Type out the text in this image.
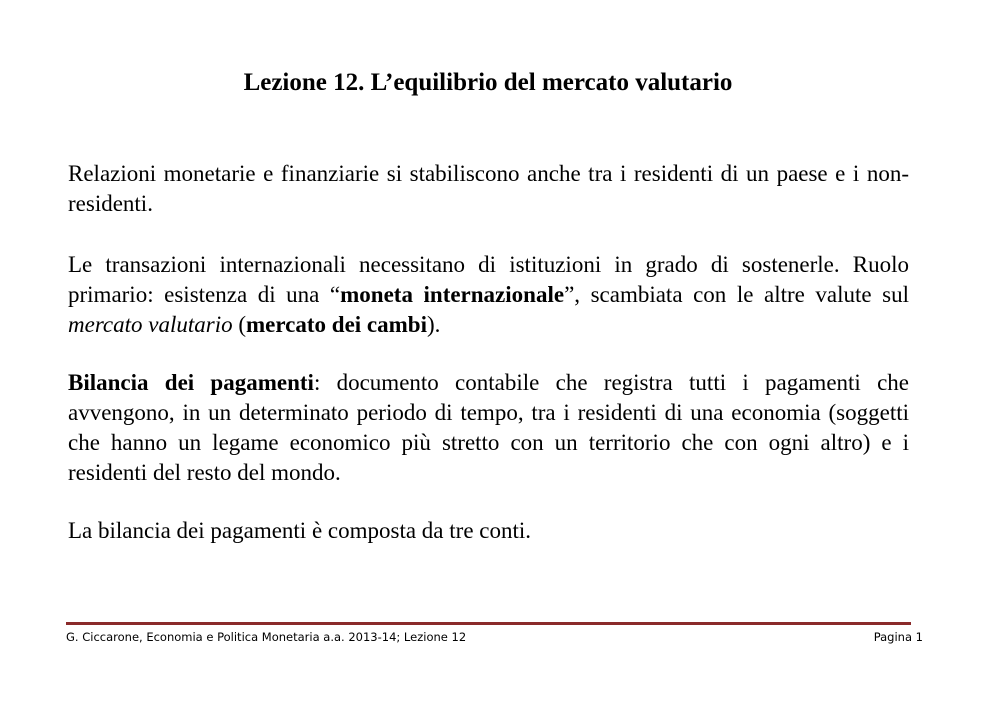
Lezione 12. L’equilibrio del mercato valutario

Relazioni monetarie e finanziarie si stabiliscono anche tra i residenti di un paese e i non-residenti.

Le transazioni internazionali necessitano di istituzioni in grado di sostenerle. Ruolo primario: esistenza di una “moneta internazionale”, scambiata con le altre valute sul mercato valutario (mercato dei cambi).

Bilancia dei pagamenti: documento contabile che registra tutti i pagamenti che avvengono, in un determinato periodo di tempo, tra i residenti di una economia (soggetti che hanno un legame economico più stretto con un territorio che con ogni altro) e i residenti del resto del mondo.

La bilancia dei pagamenti è composta da tre conti.

G. Ciccarone, Economia e Politica Monetaria a.a. 2013-14; Lezione 12	Pagina 1
